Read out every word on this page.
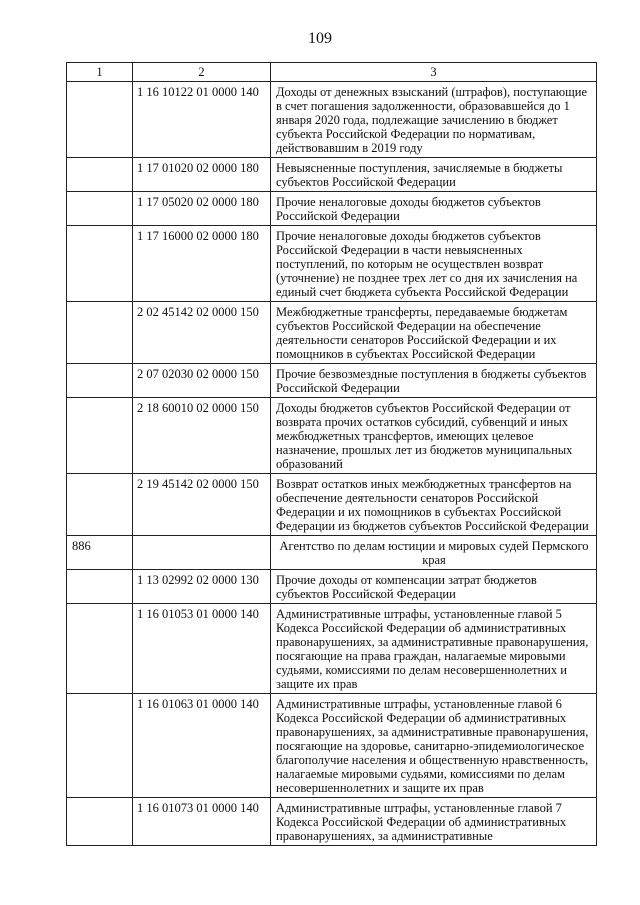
109
1	2	3
	1 16 10122 01 0000 140	Доходы от денежных взысканий (штрафов), поступающие в счет погашения задолженности, образовавшейся до 1 января 2020 года, подлежащие зачислению в бюджет субъекта Российской Федерации по нормативам, действовавшим в 2019 году
	1 17 01020 02 0000 180	Невыясненные поступления, зачисляемые в бюджеты субъектов Российской Федерации
	1 17 05020 02 0000 180	Прочие неналоговые доходы бюджетов субъектов Российской Федерации
	1 17 16000 02 0000 180	Прочие неналоговые доходы бюджетов субъектов Российской Федерации в части невыясненных поступлений, по которым не осуществлен возврат (уточнение) не позднее трех лет со дня их зачисления на единый счет бюджета субъекта Российской Федерации
	2 02 45142 02 0000 150	Межбюджетные трансферты, передаваемые бюджетам субъектов Российской Федерации на обеспечение деятельности сенаторов Российской Федерации и их помощников в субъектах Российской Федерации
	2 07 02030 02 0000 150	Прочие безвозмездные поступления в бюджеты субъектов Российской Федерации
	2 18 60010 02 0000 150	Доходы бюджетов субъектов Российской Федерации от возврата прочих остатков субсидий, субвенций и иных межбюджетных трансфертов, имеющих целевое назначение, прошлых лет из бюджетов муниципальных образований
	2 19 45142 02 0000 150	Возврат остатков иных межбюджетных трансфертов на обеспечение деятельности сенаторов Российской Федерации и их помощников в субъектах Российской Федерации из бюджетов субъектов Российской Федерации
886		Агентство по делам юстиции и мировых судей Пермского края
	1 13 02992 02 0000 130	Прочие доходы от компенсации затрат бюджетов субъектов Российской Федерации
	1 16 01053 01 0000 140	Административные штрафы, установленные главой 5 Кодекса Российской Федерации об административных правонарушениях, за административные правонарушения, посягающие на права граждан, налагаемые мировыми судьями, комиссиями по делам несовершеннолетних и защите их прав
	1 16 01063 01 0000 140	Административные штрафы, установленные главой 6 Кодекса Российской Федерации об административных правонарушениях, за административные правонарушения, посягающие на здоровье, санитарно-эпидемиологическое благополучие населения и общественную нравственность, налагаемые мировыми судьями, комиссиями по делам несовершеннолетних и защите их прав
	1 16 01073 01 0000 140	Административные штрафы, установленные главой 7 Кодекса Российской Федерации об административных правонарушениях, за административные
